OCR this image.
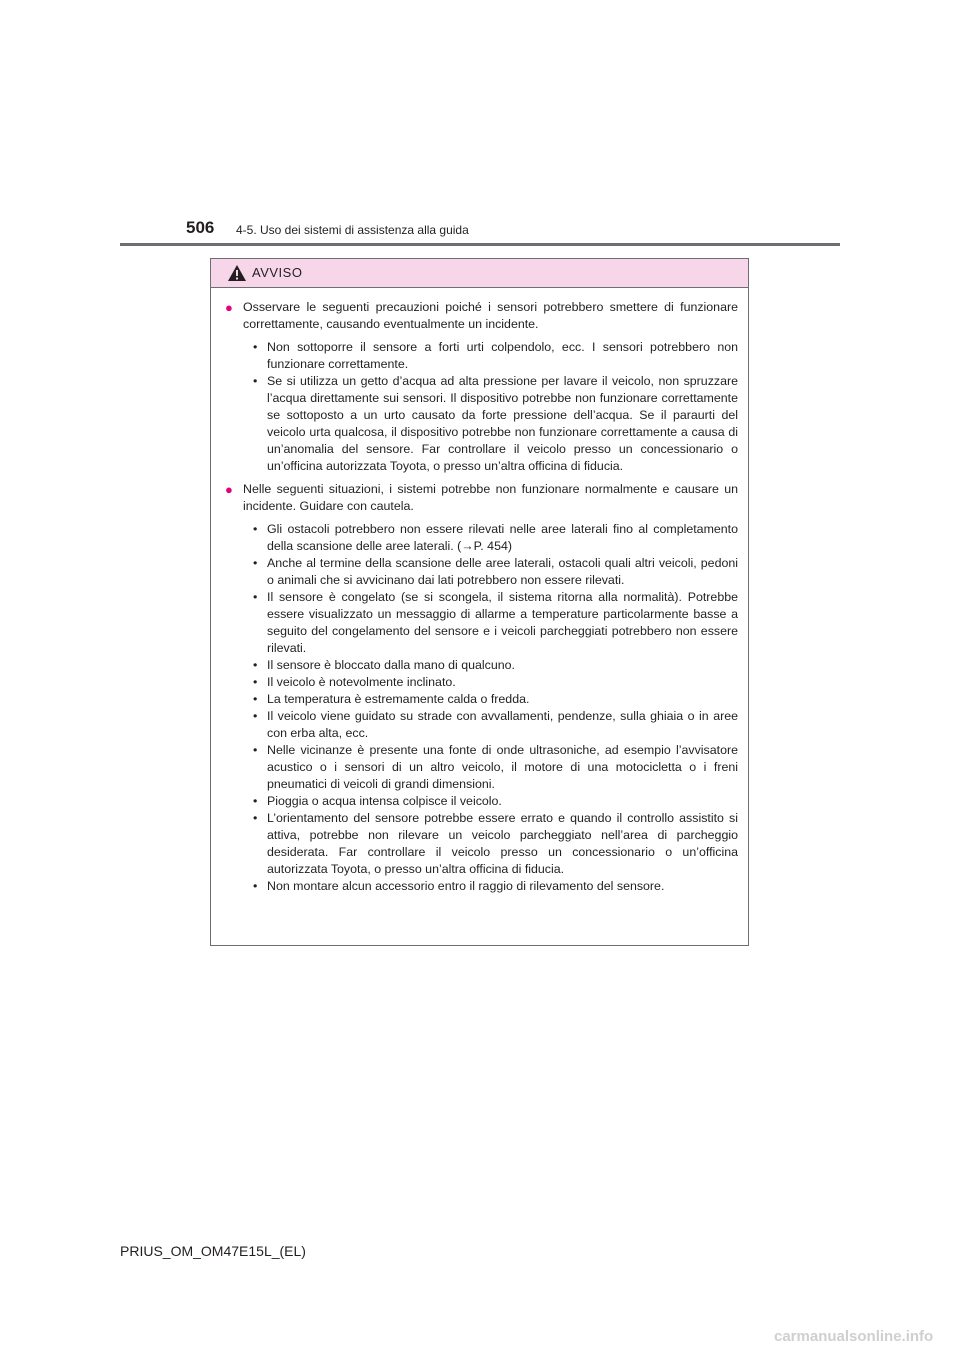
506 4-5. Uso dei sistemi di assistenza alla guida
AVVISO
● Osservare le seguenti precauzioni poiché i sensori potrebbero smettere di funzionare correttamente, causando eventualmente un incidente.
• Non sottoporre il sensore a forti urti colpendolo, ecc. I sensori potrebbero non funzionare correttamente.
• Se si utilizza un getto d’acqua ad alta pressione per lavare il veicolo, non spruzzare l’acqua direttamente sui sensori. Il dispositivo potrebbe non funzionare correttamente se sottoposto a un urto causato da forte pressione dell’acqua. Se il paraurti del veicolo urta qualcosa, il dispositivo potrebbe non funzionare correttamente a causa di un’anomalia del sensore. Far controllare il veicolo presso un concessionario o un’officina autorizzata Toyota, o presso un’altra officina di fiducia.
● Nelle seguenti situazioni, i sistemi potrebbe non funzionare normalmente e causare un incidente. Guidare con cautela.
• Gli ostacoli potrebbero non essere rilevati nelle aree laterali fino al completamento della scansione delle aree laterali. (→P. 454)
• Anche al termine della scansione delle aree laterali, ostacoli quali altri veicoli, pedoni o animali che si avvicinano dai lati potrebbero non essere rilevati.
• Il sensore è congelato (se si scongela, il sistema ritorna alla normalità). Potrebbe essere visualizzato un messaggio di allarme a temperature particolarmente basse a seguito del congelamento del sensore e i veicoli parcheggiati potrebbero non essere rilevati.
• Il sensore è bloccato dalla mano di qualcuno.
• Il veicolo è notevolmente inclinato.
• La temperatura è estremamente calda o fredda.
• Il veicolo viene guidato su strade con avvallamenti, pendenze, sulla ghiaia o in aree con erba alta, ecc.
• Nelle vicinanze è presente una fonte di onde ultrasoniche, ad esempio l’avvisatore acustico o i sensori di un altro veicolo, il motore di una motocicletta o i freni pneumatici di veicoli di grandi dimensioni.
• Pioggia o acqua intensa colpisce il veicolo.
• L’orientamento del sensore potrebbe essere errato e quando il controllo assistito si attiva, potrebbe non rilevare un veicolo parcheggiato nell’area di parcheggio desiderata. Far controllare il veicolo presso un concessionario o un’officina autorizzata Toyota, o presso un’altra officina di fiducia.
• Non montare alcun accessorio entro il raggio di rilevamento del sensore.
PRIUS_OM_OM47E15L_(EL)
carmanualsonline.info
